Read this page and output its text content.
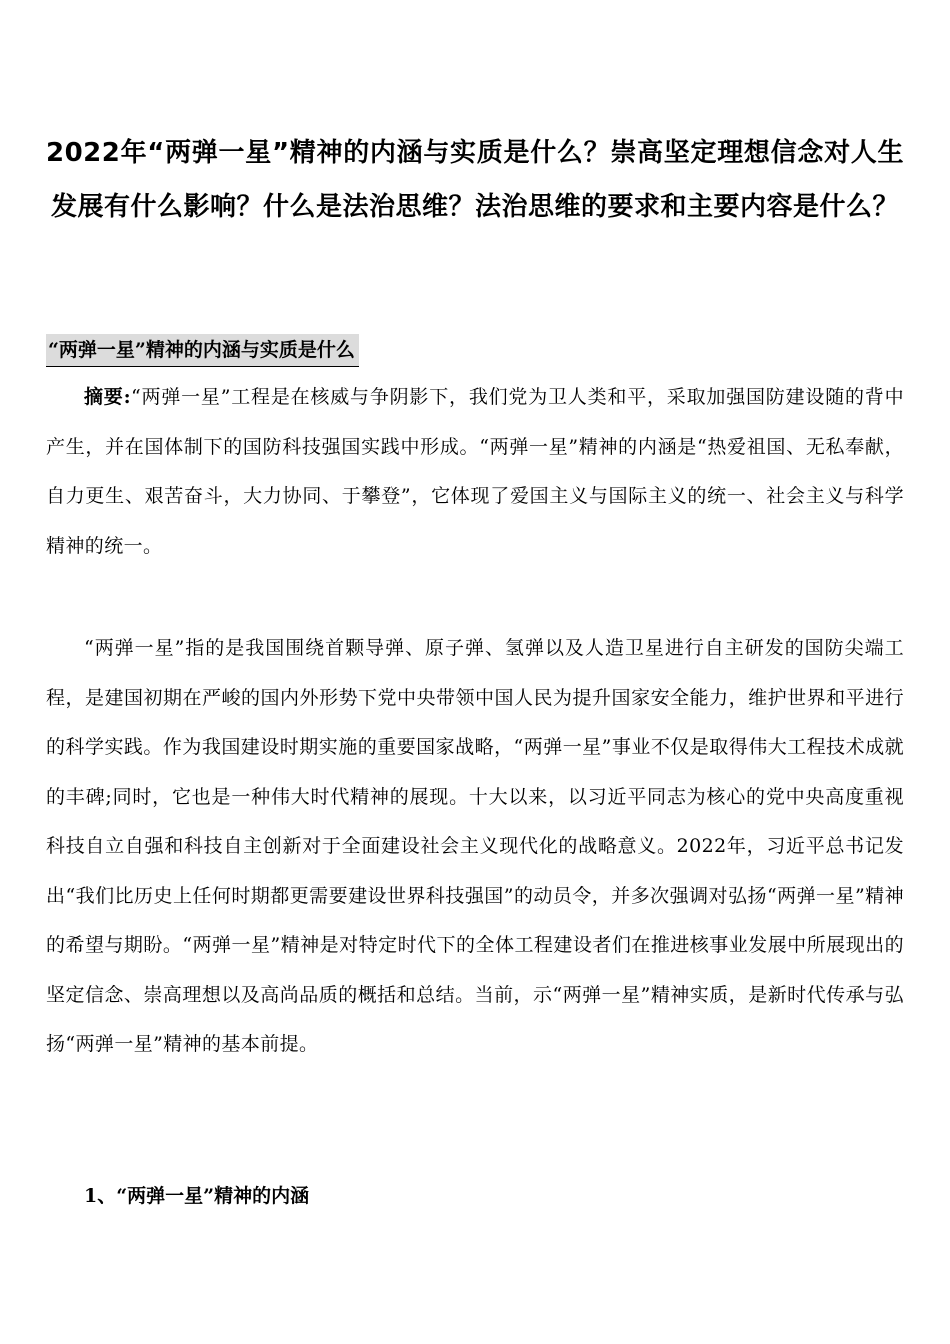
2022年“两弹一星”精神的内涵与实质是什么？崇高坚定理想信念对人生发展有什么影响？什么是法治思维？法治思维的要求和主要内容是什么？
“两弹一星”精神的内涵与实质是什么

摘要:“两弹一星”工程是在核威与争阴影下，我们党为卫人类和平，采取加强国防建设随的背中产生，并在国体制下的国防科技强国实践中形成。“两弹一星”精神的内涵是“热爱祖国、无私奉献，自力更生、艰苦奋斗，大力协同、于攀登”，它体现了爱国主义与国际主义的统一、社会主义与科学精神的统一。

“两弹一星”指的是我国围绕首颗导弹、原子弹、氢弹以及人造卫星进行自主研发的国防尖端工程，是建国初期在严峻的国内外形势下党中央带领中国人民为提升国家安全能力，维护世界和平进行的科学实践。作为我国建设时期实施的重要国家战略，“两弹一星”事业不仅是取得伟大工程技术成就的丰碑;同时，它也是一种伟大时代精神的展现。十大以来，以习近平同志为核心的党中央高度重视科技自立自强和科技自主创新对于全面建设社会主义现代化的战略意义。2022年，习近平总书记发出“我们比历史上任何时期都更需要建设世界科技强国”的动员令，并多次强调对弘扬“两弹一星”精神的希望与期盼。“两弹一星”精神是对特定时代下的全体工程建设者们在推进核事业发展中所展现出的坚定信念、崇高理想以及高尚品质的概括和总结。当前，示“两弹一星”精神实质，是新时代传承与弘扬“两弹一星”精神的基本前提。

1、“两弹一星”精神的内涵
